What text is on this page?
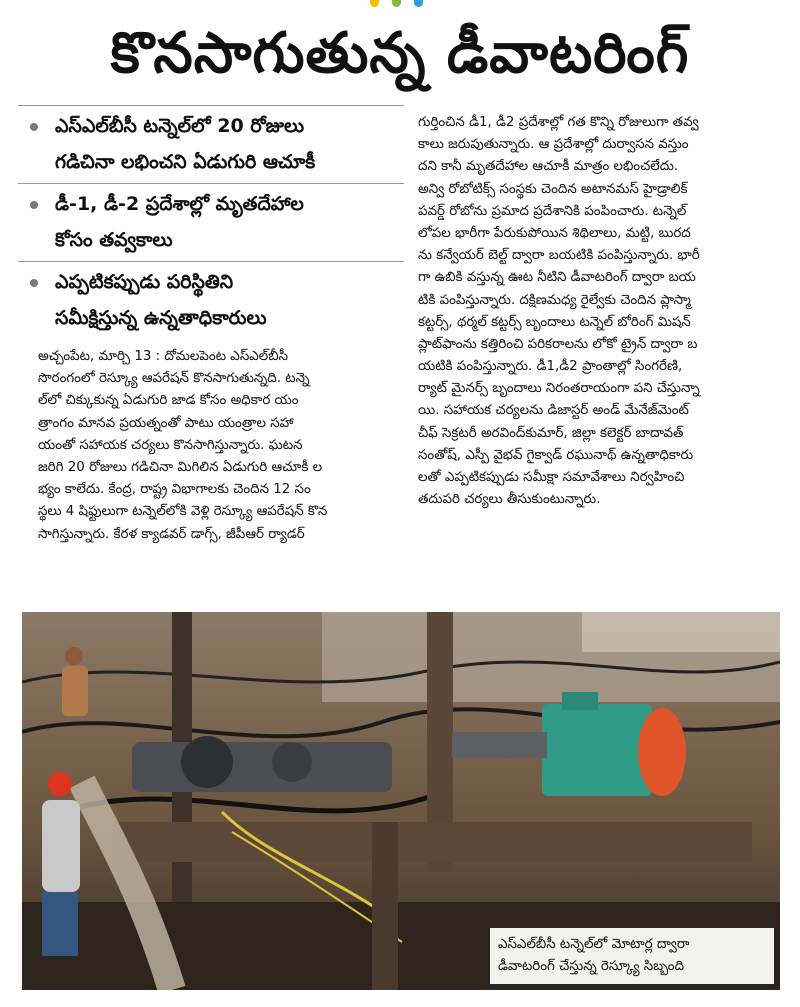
కొనసాగుతున్న డీవాటరింగ్
ఎస్‌ఎల్‌బీసీ టన్నెల్‌లో 20 రోజులు
గడిచినా లభించని ఏడుగురి ఆచూకీ
డీ-1, డీ-2 ప్రదేశాల్లో మృతదేహాల
కోసం తవ్వకాలు
ఎప్పటికప్పుడు పరిస్థితిని
సమీక్షిస్తున్న ఉన్నతాధికారులు
అచ్చంపేట, మార్చి 13 : దోమలపెంట ఎస్‌ఎల్‌బీసీ
సొరంగంలో రెస్క్యూ ఆపరేషన్ కొనసాగుతున్నది. టన్నె
ల్‌లో చిక్కుకున్న ఏడుగురి జాడ కోసం అధికార యం
త్రాంగం మానవ ప్రయత్నంతో పాటు యంత్రాల సహా
యంతో సహాయక చర్యలు కొనసాగిస్తున్నారు. ఘటన
జరిగి 20 రోజులు గడిచినా మిగిలిన ఏడుగురి ఆచూకీ ల
భ్యం కాలేదు. కేంద్ర, రాష్ట్ర విభాగాలకు చెందిన 12 సం
స్థలు 4 షిఫ్టులుగా టన్నెల్‌లోకి వెళ్లి రెస్క్యూ ఆపరేషన్ కొన
సాగిస్తున్నారు. కేరళ క్యాడవర్ డాగ్స్, జీపీఆర్ ర్యాడర్
గుర్తించిన డీ1, డీ2 ప్రదేశాల్లో గత కొన్ని రోజులుగా తవ్వ
కాలు జరుపుతున్నారు. ఆ ప్రదేశాల్లో దుర్వాసన వస్తుం
దని కానీ మృతదేహాల ఆచూకీ మాత్రం లభించలేదు.
అన్వి రోబోటిక్స్ సంస్థకు చెందిన అటానమస్ హైడ్రాలిక్
పవర్డ్ రోబోను ప్రమాద ప్రదేశానికి పంపించారు. టన్నెల్
లోపల భారీగా పేరుకుపోయిన శిథిలాలు, మట్టి, బురద
ను కన్వేయర్ బెల్ట్ ద్వారా బయటికి పంపిస్తున్నారు. భారీ
గా ఉబికి వస్తున్న ఊట నీటిని డీవాటరింగ్ ద్వారా బయ
టికి పంపిస్తున్నారు. దక్షిణమధ్య రైల్వేకు చెందిన ప్లాస్మా
కట్టర్స్, థర్మల్ కట్టర్స్ బృందాలు టన్నెల్ బోరింగ్ మిషన్
ప్లాట్‌ఫాంను కత్తిరించి పరికరాలను లోకో ట్రైన్ ద్వారా బ
యటికి పంపిస్తున్నారు. డీ1,డీ2 ప్రాంతాల్లో సింగరేణి,
ర్యాట్ మైనర్స్ బృందాలు నిరంతరాయంగా పని చేస్తున్నా
యి. సహాయక చర్యలను డిజాస్టర్ అండ్ మేనేజ్‌మెంట్
చీఫ్ సెక్రటరీ అరవింద్‌కుమార్, జిల్లా కలెక్టర్ బాదావత్
సంతోష్, ఎస్పీ వైభవ్ గైక్వాడ్ రఘునాథ్ ఉన్నతాధికారు
లతో ఎప్పటికప్పుడు సమీక్షా సమావేశాలు నిర్వహించి
తదుపరి చర్యలు తీసుకుంటున్నారు.
ఎస్‌ఎల్‌బీసీ టన్నెల్‌లో మోటార్ల ద్వారా
డీవాటరింగ్ చేస్తున్న రెస్క్యూ సిబ్బంది
